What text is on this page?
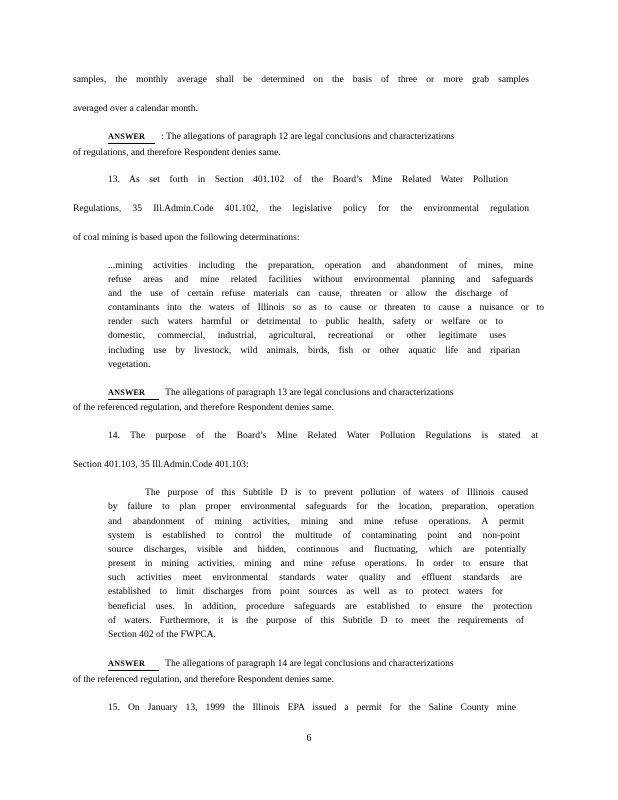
samples, the monthly average shall be determined on the basis of three or more grab samples
averaged over a calendar month.
ANSWER : The allegations of paragraph 12 are legal conclusions and characterizations
of regulations, and therefore Respondent denies same.
13. As set forth in Section 401.102 of the Board’s Mine Related Water Pollution
Regulations, 35 Ill.Admin.Code 401.102, the legislative policy for the environmental regulation
of coal mining is based upon the following determinations:
...mining activities including the preparation, operation and abandonment of mines, mine
refuse areas and mine related facilities without environmental planning and safeguards
and the use of certain refuse materials can cause, threaten or allow the discharge of
contaminants into the waters of Illinois so as to cause or threaten to cause a nuisance or to
render such waters harmful or detrimental to public health, safety or welfare or to
domestic, commercial, industrial, agricultural, recreational or other legitimate uses
including use by livestock, wild animals, birds, fish or other aquatic life and riparian
vegetation.
ANSWER The allegations of paragraph 13 are legal conclusions and characterizations
of the referenced regulation, and therefore Respondent denies same.
14. The purpose of the Board’s Mine Related Water Pollution Regulations is stated at
Section 401.103, 35 Ill.Admin.Code 401.103:
The purpose of this Subtitle D is to prevent pollution of waters of Illinois caused
by failure to plan proper environmental safeguards for the location, preparation, operation
and abandonment of mining activities, mining and mine refuse operations. A permit
system is established to control the multitude of contaminating point and non-point
source discharges, visible and hidden, continuous and fluctuating, which are potentially
present in mining activities, mining and mine refuse operations. In order to ensure that
such activities meet environmental standards water quality and effluent standards are
established to limit discharges from point sources as well as to protect waters for
beneficial uses. In addition, procedure safeguards are established to ensure the protection
of waters. Furthermore, it is the purpose of this Subtitle D to meet the requirements of
Section 402 of the FWPCA.
ANSWER The allegations of paragraph 14 are legal conclusions and characterizations
of the referenced regulation, and therefore Respondent denies same.
15. On January 13, 1999 the Illinois EPA issued a permit for the Saline County mine
6
